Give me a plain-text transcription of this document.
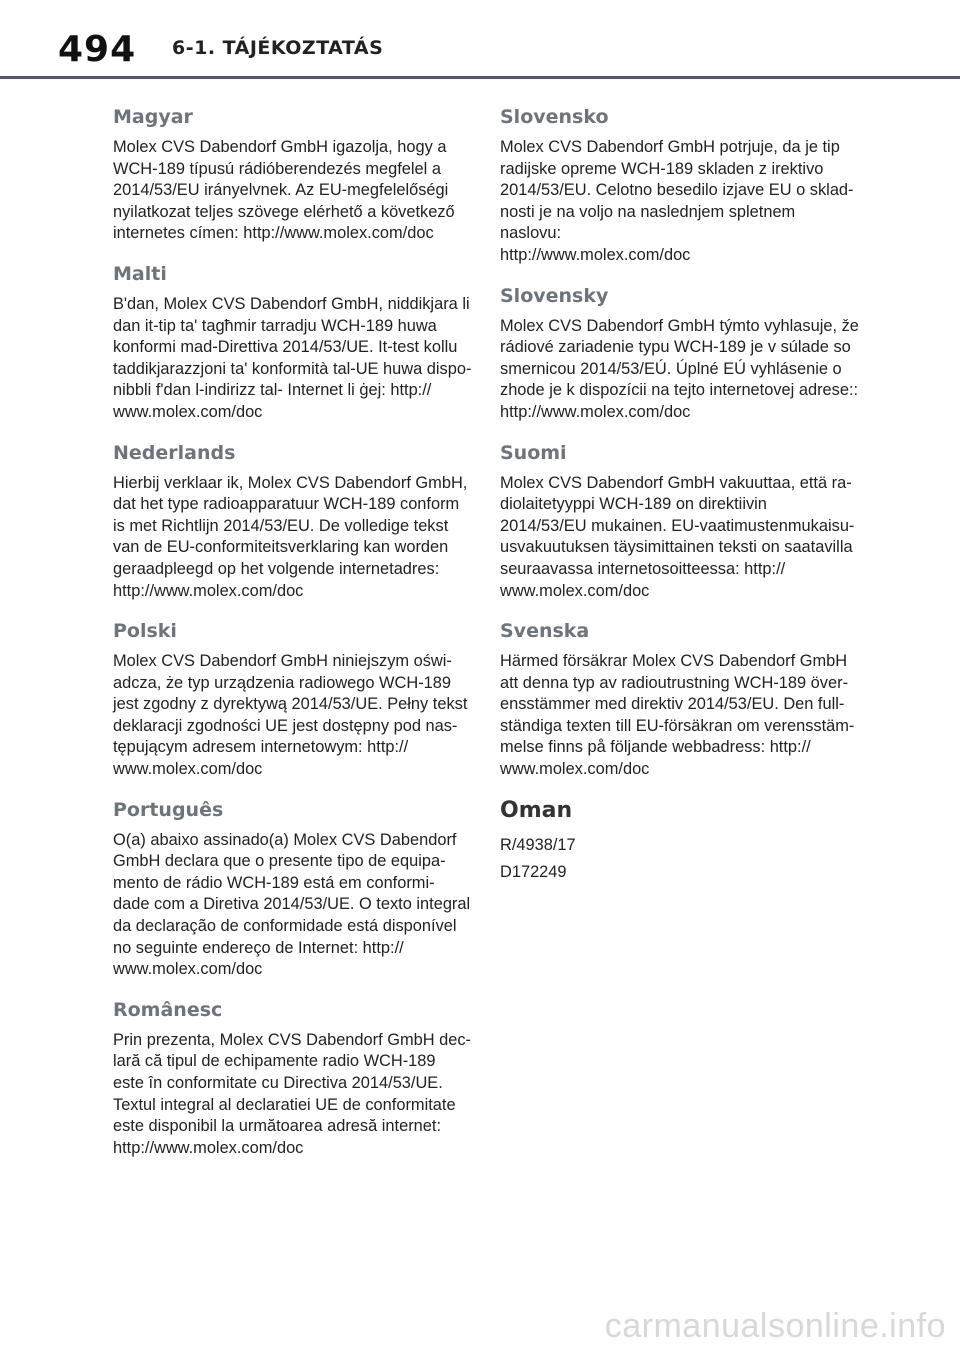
494 6-1. TÁJÉKOZTATÁS
Magyar
Molex CVS Dabendorf GmbH igazolja, hogy a
WCH-189 típusú rádióberendezés megfelel a
2014/53/EU irányelvnek. Az EU-megfelelőségi
nyilatkozat teljes szövege elérhető a következő
internetes címen: http://www.molex.com/doc
Malti
B'dan, Molex CVS Dabendorf GmbH, niddikjara li
dan it-tip ta' tagħmir tarradju WCH-189 huwa
konformi mad-Direttiva 2014/53/UE. It-test kollu
taddikjarazzjoni ta' konformità tal-UE huwa dispo-
nibbli f'dan l-indirizz tal- Internet li ġej: http://
www.molex.com/doc
Nederlands
Hierbij verklaar ik, Molex CVS Dabendorf GmbH,
dat het type radioapparatuur WCH-189 conform
is met Richtlijn 2014/53/EU. De volledige tekst
van de EU-conformiteitsverklaring kan worden
geraadpleegd op het volgende internetadres:
http://www.molex.com/doc
Polski
Molex CVS Dabendorf GmbH niniejszym oświ-
adcza, że typ urządzenia radiowego WCH-189
jest zgodny z dyrektywą 2014/53/UE. Pełny tekst
deklaracji zgodności UE jest dostępny pod nas-
tępującym adresem internetowym: http://
www.molex.com/doc
Português
O(a) abaixo assinado(a) Molex CVS Dabendorf
GmbH declara que o presente tipo de equipa-
mento de rádio WCH-189 está em conformi-
dade com a Diretiva 2014/53/UE. O texto integral
da declaração de conformidade está disponível
no seguinte endereço de Internet: http://
www.molex.com/doc
Românesc
Prin prezenta, Molex CVS Dabendorf GmbH dec-
lară că tipul de echipamente radio WCH-189
este în conformitate cu Directiva 2014/53/UE.
Textul integral al declaratiei UE de conformitate
este disponibil la următoarea adresă internet:
http://www.molex.com/doc
Slovensko
Molex CVS Dabendorf GmbH potrjuje, da je tip
radijske opreme WCH-189 skladen z irektivo
2014/53/EU. Celotno besedilo izjave EU o sklad-
nosti je na voljo na naslednjem spletnem naslovu:
http://www.molex.com/doc
Slovensky
Molex CVS Dabendorf GmbH týmto vyhlasuje, že
rádiové zariadenie typu WCH-189 je v súlade so
smernicou 2014/53/EÚ. Úplné EÚ vyhlásenie o
zhode je k dispozícii na tejto internetovej adrese::
http://www.molex.com/doc
Suomi
Molex CVS Dabendorf GmbH vakuuttaa, että ra-
diolaitetyyppi WCH-189 on direktiivin
2014/53/EU mukainen. EU-vaatimustenmukaisu-
usvakuutuksen täysimittainen teksti on saatavilla
seuraavassa internetosoitteessa: http://
www.molex.com/doc
Svenska
Härmed försäkrar Molex CVS Dabendorf GmbH
att denna typ av radioutrustning WCH-189 över-
ensstämmer med direktiv 2014/53/EU. Den full-
ständiga texten till EU-försäkran om verensstäm-
melse finns på följande webbadress: http://
www.molex.com/doc
Oman
R/4938/17
D172249
carmanualsonline.info
